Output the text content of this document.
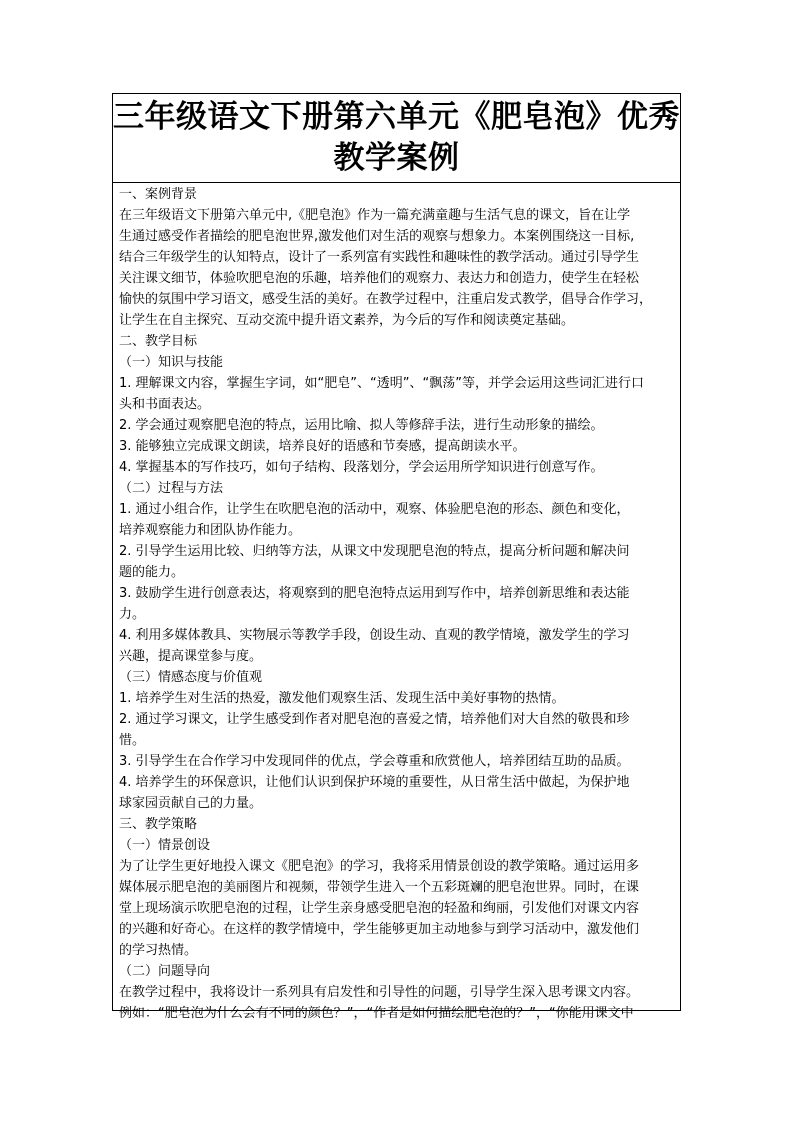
三年级语文下册第六单元《肥皂泡》优秀教学案例
一、案例背景
在三年级语文下册第六单元中,《肥皂泡》作为一篇充满童趣与生活气息的课文，旨在让学
生通过感受作者描绘的肥皂泡世界,激发他们对生活的观察与想象力。本案例围绕这一目标,
结合三年级学生的认知特点，设计了一系列富有实践性和趣味性的教学活动。通过引导学生
关注课文细节，体验吹肥皂泡的乐趣，培养他们的观察力、表达力和创造力，使学生在轻松
愉快的氛围中学习语文，感受生活的美好。在教学过程中，注重启发式教学，倡导合作学习，
让学生在自主探究、互动交流中提升语文素养，为今后的写作和阅读奠定基础。
二、教学目标
（一）知识与技能
1. 理解课文内容，掌握生字词，如“肥皂”、“透明”、“飘荡”等，并学会运用这些词汇进行口
头和书面表达。
2. 学会通过观察肥皂泡的特点，运用比喻、拟人等修辞手法，进行生动形象的描绘。
3. 能够独立完成课文朗读，培养良好的语感和节奏感，提高朗读水平。
4. 掌握基本的写作技巧，如句子结构、段落划分，学会运用所学知识进行创意写作。
（二）过程与方法
1. 通过小组合作，让学生在吹肥皂泡的活动中，观察、体验肥皂泡的形态、颜色和变化，
培养观察能力和团队协作能力。
2. 引导学生运用比较、归纳等方法，从课文中发现肥皂泡的特点，提高分析问题和解决问
题的能力。
3. 鼓励学生进行创意表达，将观察到的肥皂泡特点运用到写作中，培养创新思维和表达能
力。
4. 利用多媒体教具、实物展示等教学手段，创设生动、直观的教学情境，激发学生的学习
兴趣，提高课堂参与度。
（三）情感态度与价值观
1. 培养学生对生活的热爱，激发他们观察生活、发现生活中美好事物的热情。
2. 通过学习课文，让学生感受到作者对肥皂泡的喜爱之情，培养他们对大自然的敬畏和珍
惜。
3. 引导学生在合作学习中发现同伴的优点，学会尊重和欣赏他人，培养团结互助的品质。
4. 培养学生的环保意识，让他们认识到保护环境的重要性，从日常生活中做起，为保护地
球家园贡献自己的力量。
三、教学策略
（一）情景创设
为了让学生更好地投入课文《肥皂泡》的学习，我将采用情景创设的教学策略。通过运用多
媒体展示肥皂泡的美丽图片和视频，带领学生进入一个五彩斑斓的肥皂泡世界。同时，在课
堂上现场演示吹肥皂泡的过程，让学生亲身感受肥皂泡的轻盈和绚丽，引发他们对课文内容
的兴趣和好奇心。在这样的教学情境中，学生能够更加主动地参与到学习活动中，激发他们
的学习热情。
（二）问题导向
在教学过程中，我将设计一系列具有启发性和引导性的问题，引导学生深入思考课文内容。
例如：“肥皂泡为什么会有不同的颜色？”，“作者是如何描绘肥皂泡的？”，“你能用课文中
